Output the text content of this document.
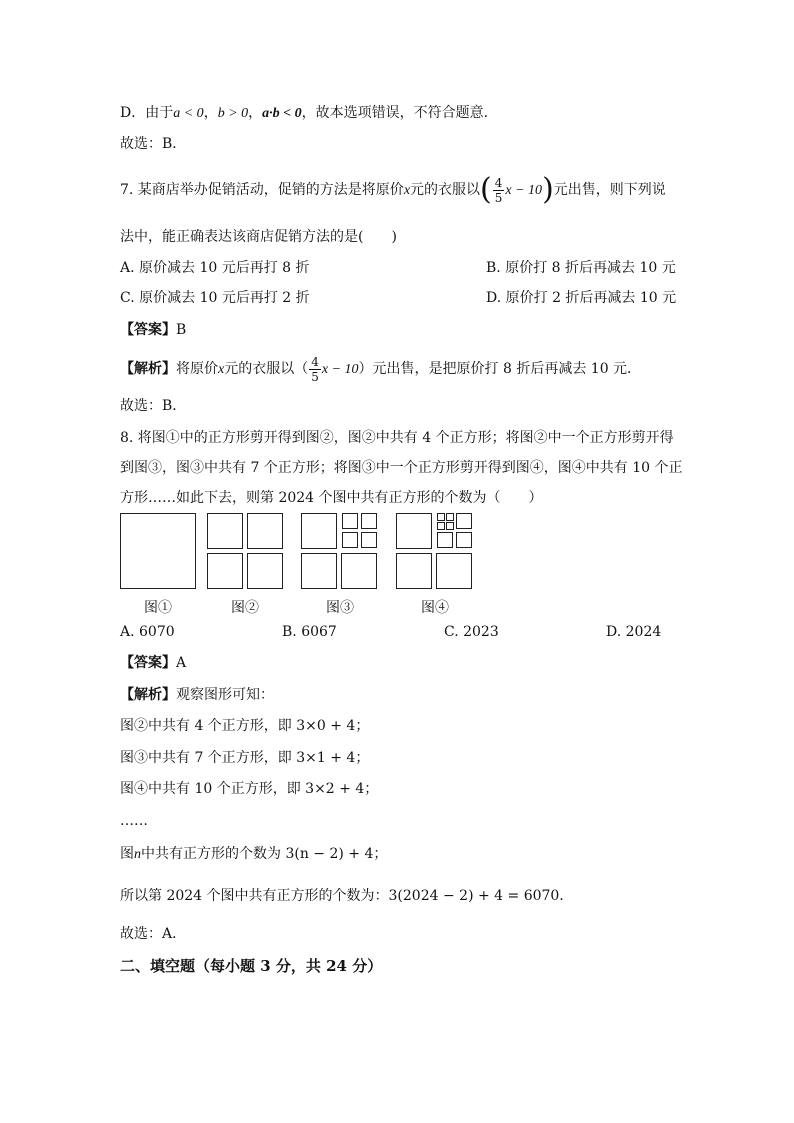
D．由于a < 0，b > 0，a·b < 0，故本选项错误，不符合题意．
故选：B．
7. 某商店举办促销活动，促销的方法是将原价x元的衣服以( $\frac{4}{5}$ x − 10)元出售，则下列说
法中，能正确表达该商店促销方法的是(　　)
A. 原价减去 10 元后再打 8 折	B. 原价打 8 折后再减去 10 元
C. 原价减去 10 元后再打 2 折	D. 原价打 2 折后再减去 10 元
【答案】B
【解析】将原价x元的衣服以（ $\frac{4}{5}$ x − 10）元出售，是把原价打 8 折后再减去 10 元．
故选：B．
8. 将图①中的正方形剪开得到图②，图②中共有 4 个正方形；将图②中一个正方形剪开得
到图③，图③中共有 7 个正方形；将图③中一个正方形剪开得到图④，图④中共有 10 个正
方形……如此下去，则第 2024 个图中共有正方形的个数为（　　）
图①	图②	图③	图④
A. 6070	B. 6067	C. 2023	D. 2024
【答案】A
【解析】观察图形可知：
图②中共有 4 个正方形，即 3×0 + 4；
图③中共有 7 个正方形，即 3×1 + 4；
图④中共有 10 个正方形，即 3×2 + 4；
……
图n中共有正方形的个数为 3(n − 2) + 4；
所以第 2024 个图中共有正方形的个数为：3(2024 − 2) + 4 = 6070．
故选：A．
二、填空题（每小题 3 分，共 24 分）
